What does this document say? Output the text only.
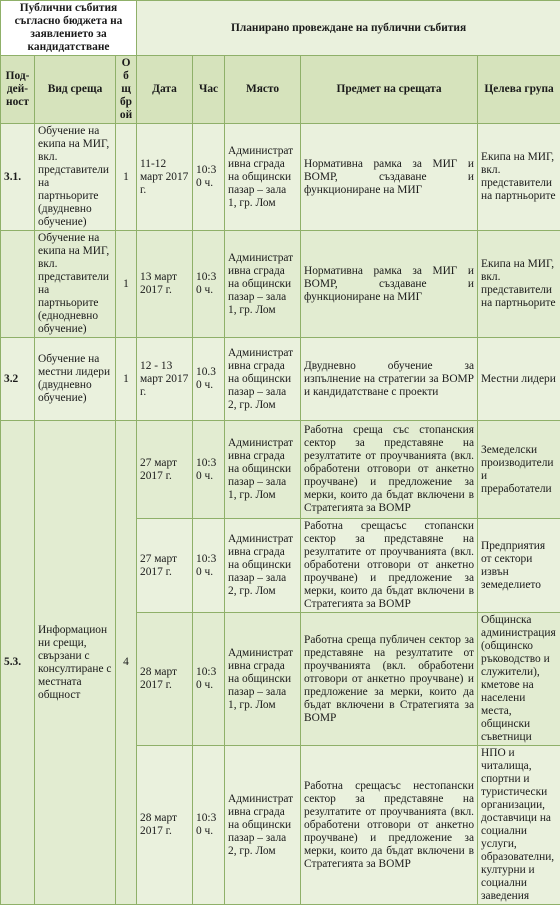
Публични събития съгласно бюджета на заявлението за кандидатстване			Планирано провеждане на публични събития				
Под-дей-ност	Вид среща	Общ брой	Дата	Час	Място	Предмет на срещата	Целева група
3.1.	Обучение на екипа на МИГ, вкл. представители на партньорите (двудневно обучение)	1	11-12 март 2017 г.	10:30 ч.	Административна сграда на общински пазар – зала 1, гр. Лом	Нормативна рамка за МИГ и ВОМР, създаване и функциониране на МИГ	Екипа на МИГ, вкл. представители на партньорите
	Обучение на екипа на МИГ, вкл. представители на партньорите (еднодневно обучение)	1	13 март 2017 г.	10:30 ч.	Административна сграда на общински пазар – зала 1, гр. Лом	Нормативна рамка за МИГ и ВОМР, създаване и функциониране на МИГ	Екипа на МИГ, вкл. представители на партньорите
3.2	Обучение на местни лидери (двудневно обучение)	1	12 - 13 март 2017 г.	10.30 ч.	Административна сграда на общински пазар – зала 2, гр. Лом	Двудневно обучение за изпълнение на стратегии за ВОМР и кандидатстване с проекти	Местни лидери
5.3.	Информационни срещи, свързани с консултиране с местната общност	4	27 март 2017 г.	10:30 ч.	Административна сграда на общински пазар – зала 1, гр. Лом	Работна среща със стопанския сектор за представяне на резултатите от проучванията (вкл. обработени отговори от анкетно проучване) и предложение за мерки, които да бъдат включени в Стратегията за ВОМР	Земеделски производители и преработатели
			27 март 2017 г.	10:30 ч.	Административна сграда на общински пазар – зала 2, гр. Лом	Работна срещасъс стопански сектор за представяне на резултатите от проучванията (вкл. обработени отговори от анкетно проучване) и предложение за мерки, които да бъдат включени в Стратегията за ВОМР	Предприятия от сектори извън земеделието
			28 март 2017 г.	10:30 ч.	Административна сграда на общински пазар – зала 1, гр. Лом	Работна среща публичен сектор за представяне на резултатите от проучванията (вкл. обработени отговори от анкетно проучване) и предложение за мерки, които да бъдат включени в Стратегията за ВОМР	Общинска администрация (общинско ръководство и служители), кметове на населени места, общински съветници
			28 март 2017 г.	10:30 ч.	Административна сграда на общински пазар – зала 2, гр. Лом	Работна срещасъс нестопански сектор за представяне на резултатите от проучванията (вкл. обработени отговори от анкетно проучване) и предложение за мерки, които да бъдат включени в Стратегията за ВОМР	НПО и читалища, спортни и туристически организации, доставчици на социални услуги, образователни, културни и социални заведения
